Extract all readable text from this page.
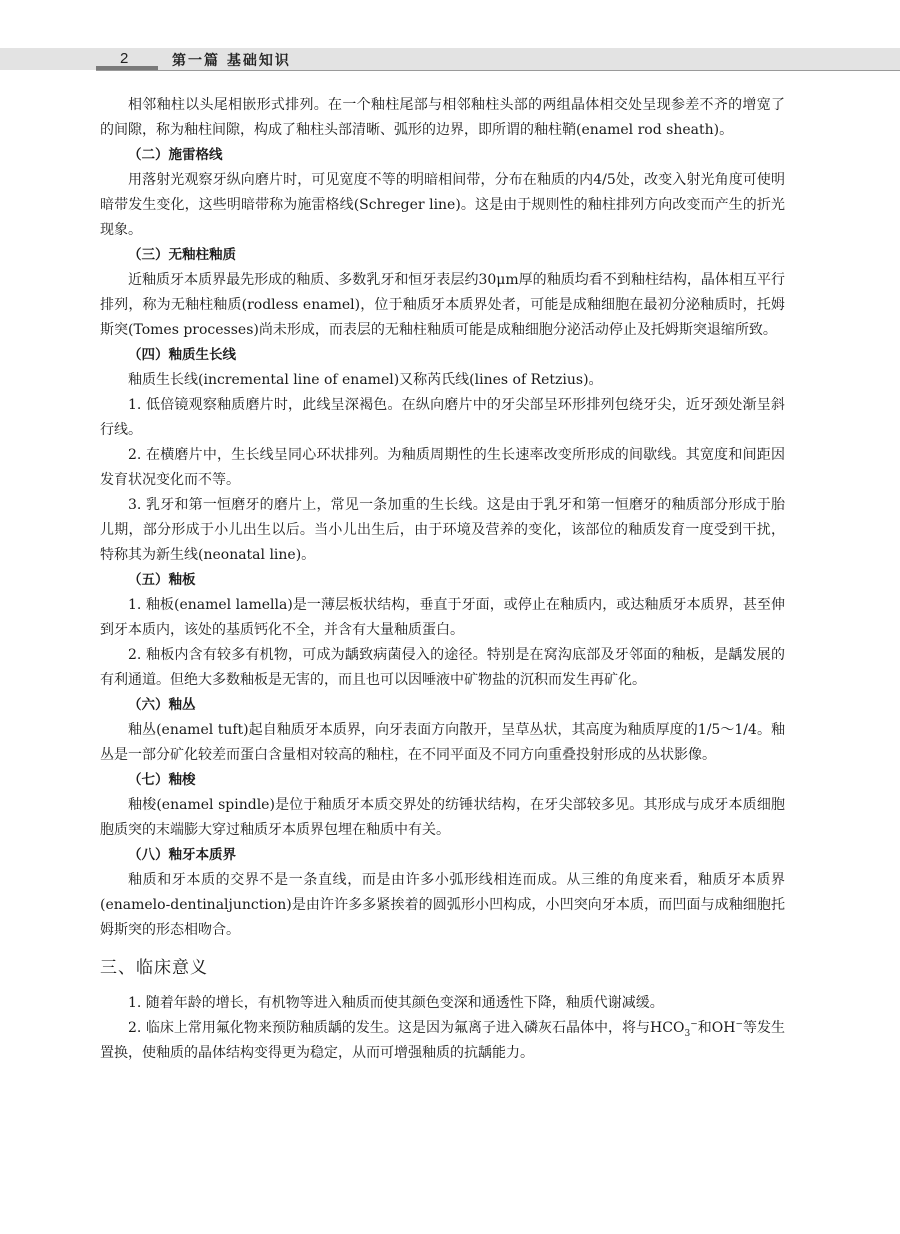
2	第一篇 基础知识

相邻釉柱以头尾相嵌形式排列。在一个釉柱尾部与相邻釉柱头部的两组晶体相交处呈现参差不齐的增宽了的间隙，称为釉柱间隙，构成了釉柱头部清晰、弧形的边界，即所谓的釉柱鞘(enamel rod sheath)。

（二）施雷格线

用落射光观察牙纵向磨片时，可见宽度不等的明暗相间带，分布在釉质的内4/5处，改变入射光角度可使明暗带发生变化，这些明暗带称为施雷格线(Schreger line)。这是由于规则性的釉柱排列方向改变而产生的折光现象。

（三）无釉柱釉质

近釉质牙本质界最先形成的釉质、多数乳牙和恒牙表层约30μm厚的釉质均看不到釉柱结构，晶体相互平行排列，称为无釉柱釉质(rodless enamel)，位于釉质牙本质界处者，可能是成釉细胞在最初分泌釉质时，托姆斯突(Tomes processes)尚未形成，而表层的无釉柱釉质可能是成釉细胞分泌活动停止及托姆斯突退缩所致。

（四）釉质生长线

釉质生长线(incremental line of enamel)又称芮氏线(lines of Retzius)。

1. 低倍镜观察釉质磨片时，此线呈深褐色。在纵向磨片中的牙尖部呈环形排列包绕牙尖，近牙颈处渐呈斜行线。

2. 在横磨片中，生长线呈同心环状排列。为釉质周期性的生长速率改变所形成的间歇线。其宽度和间距因发育状况变化而不等。

3. 乳牙和第一恒磨牙的磨片上，常见一条加重的生长线。这是由于乳牙和第一恒磨牙的釉质部分形成于胎儿期，部分形成于小儿出生以后。当小儿出生后，由于环境及营养的变化，该部位的釉质发育一度受到干扰，特称其为新生线(neonatal line)。

（五）釉板

1. 釉板(enamel lamella)是一薄层板状结构，垂直于牙面，或停止在釉质内，或达釉质牙本质界，甚至伸到牙本质内，该处的基质钙化不全，并含有大量釉质蛋白。

2. 釉板内含有较多有机物，可成为龋致病菌侵入的途径。特别是在窝沟底部及牙邻面的釉板，是龋发展的有利通道。但绝大多数釉板是无害的，而且也可以因唾液中矿物盐的沉积而发生再矿化。

（六）釉丛

釉丛(enamel tuft)起自釉质牙本质界，向牙表面方向散开，呈草丛状，其高度为釉质厚度的1/5～1/4。釉丛是一部分矿化较差而蛋白含量相对较高的釉柱，在不同平面及不同方向重叠投射形成的丛状影像。

（七）釉梭

釉梭(enamel spindle)是位于釉质牙本质交界处的纺锤状结构，在牙尖部较多见。其形成与成牙本质细胞胞质突的末端膨大穿过釉质牙本质界包埋在釉质中有关。

（八）釉牙本质界

釉质和牙本质的交界不是一条直线，而是由许多小弧形线相连而成。从三维的角度来看，釉质牙本质界(enamelo-dentinaljunction)是由许许多多紧挨着的圆弧形小凹构成，小凹突向牙本质，而凹面与成釉细胞托姆斯突的形态相吻合。

三、临床意义

1. 随着年龄的增长，有机物等进入釉质而使其颜色变深和通透性下降，釉质代谢减缓。

2. 临床上常用氟化物来预防釉质龋的发生。这是因为氟离子进入磷灰石晶体中，将与$HCO_3^-$和OH−等发生置换，使釉质的晶体结构变得更为稳定，从而可增强釉质的抗龋能力。
